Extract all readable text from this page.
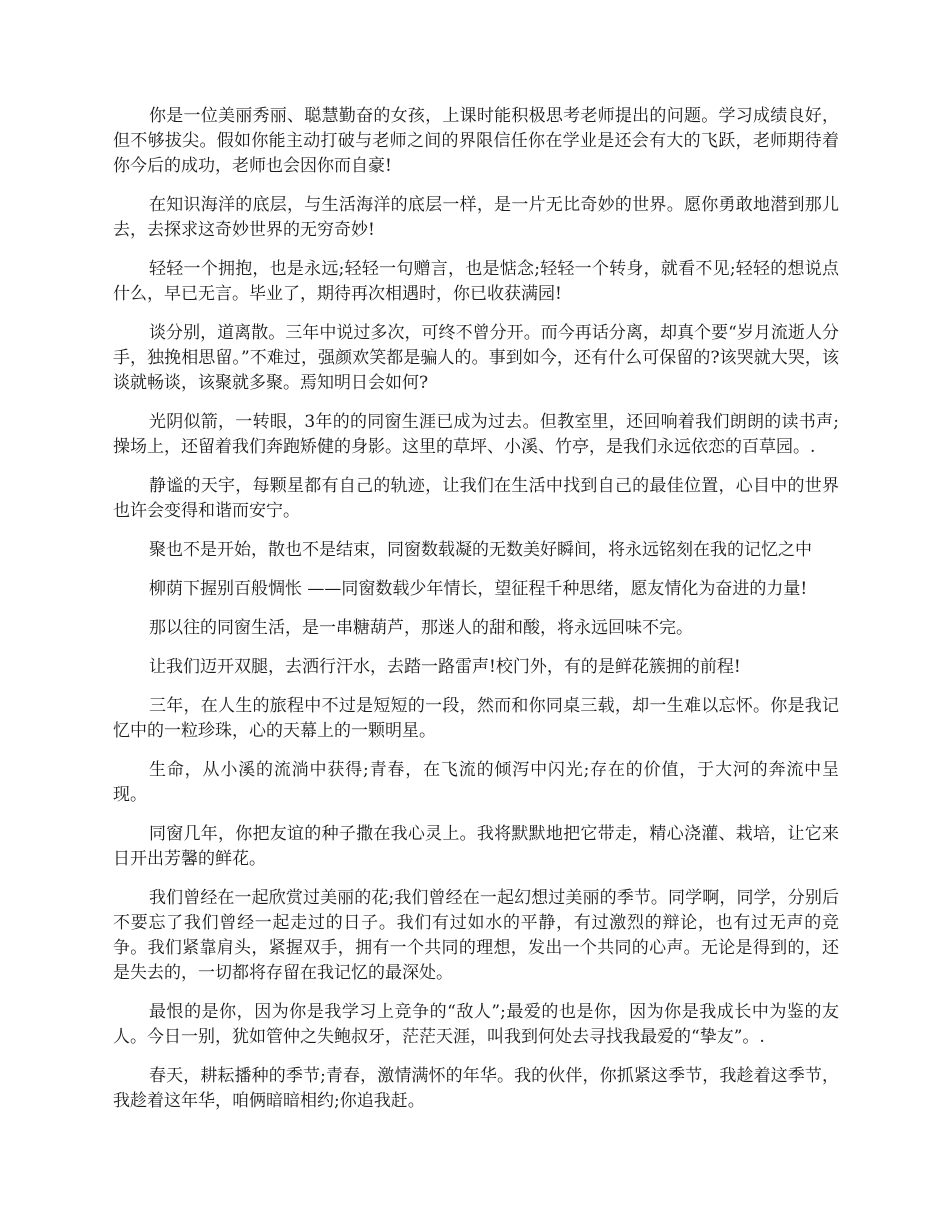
你是一位美丽秀丽、聪慧勤奋的女孩，上课时能积极思考老师提出的问题。学习成绩良好，但不够拔尖。假如你能主动打破与老师之间的界限信任你在学业是还会有大的飞跃，老师期待着你今后的成功，老师也会因你而自豪!

在知识海洋的底层，与生活海洋的底层一样，是一片无比奇妙的世界。愿你勇敢地潜到那儿去，去探求这奇妙世界的无穷奇妙!

轻轻一个拥抱，也是永远;轻轻一句赠言，也是惦念;轻轻一个转身，就看不见;轻轻的想说点什么，早已无言。毕业了，期待再次相遇时，你已收获满园!

谈分别，道离散。三年中说过多次，可终不曾分开。而今再话分离，却真个要“岁月流逝人分手，独挽相思留。”不难过，强颜欢笑都是骗人的。事到如今，还有什么可保留的?该哭就大哭，该谈就畅谈，该聚就多聚。焉知明日会如何?

光阴似箭，一转眼，3年的的同窗生涯已成为过去。但教室里，还回响着我们朗朗的读书声;操场上，还留着我们奔跑矫健的身影。这里的草坪、小溪、竹亭，是我们永远依恋的百草园。.

静谧的天宇，每颗星都有自己的轨迹，让我们在生活中找到自己的最佳位置，心目中的世界也许会变得和谐而安宁。

聚也不是开始，散也不是结束，同窗数载凝的无数美好瞬间，将永远铭刻在我的记忆之中

柳荫下握别百般惆怅 ——同窗数载少年情长，望征程千种思绪，愿友情化为奋进的力量!

那以往的同窗生活，是一串糖葫芦，那迷人的甜和酸，将永远回味不完。

让我们迈开双腿，去洒行汗水，去踏一路雷声!校门外，有的是鲜花簇拥的前程!

三年，在人生的旅程中不过是短短的一段，然而和你同桌三载，却一生难以忘怀。你是我记忆中的一粒珍珠，心的天幕上的一颗明星。

生命，从小溪的流淌中获得;青春，在飞流的倾泻中闪光;存在的价值，于大河的奔流中呈现。

同窗几年，你把友谊的种子撒在我心灵上。我将默默地把它带走，精心浇灌、栽培，让它来日开出芳馨的鲜花。

我们曾经在一起欣赏过美丽的花;我们曾经在一起幻想过美丽的季节。同学啊，同学，分别后不要忘了我们曾经一起走过的日子。我们有过如水的平静，有过激烈的辩论，也有过无声的竞争。我们紧靠肩头，紧握双手，拥有一个共同的理想，发出一个共同的心声。无论是得到的，还是失去的，一切都将存留在我记忆的最深处。

最恨的是你，因为你是我学习上竞争的“敌人”;最爱的也是你，因为你是我成长中为鉴的友人。今日一别，犹如管仲之失鲍叔牙，茫茫天涯，叫我到何处去寻找我最爱的“挚友”。.

春天，耕耘播种的季节;青春，激情满怀的年华。我的伙伴，你抓紧这季节，我趁着这季节，我趁着这年华，咱俩暗暗相约;你追我赶。
